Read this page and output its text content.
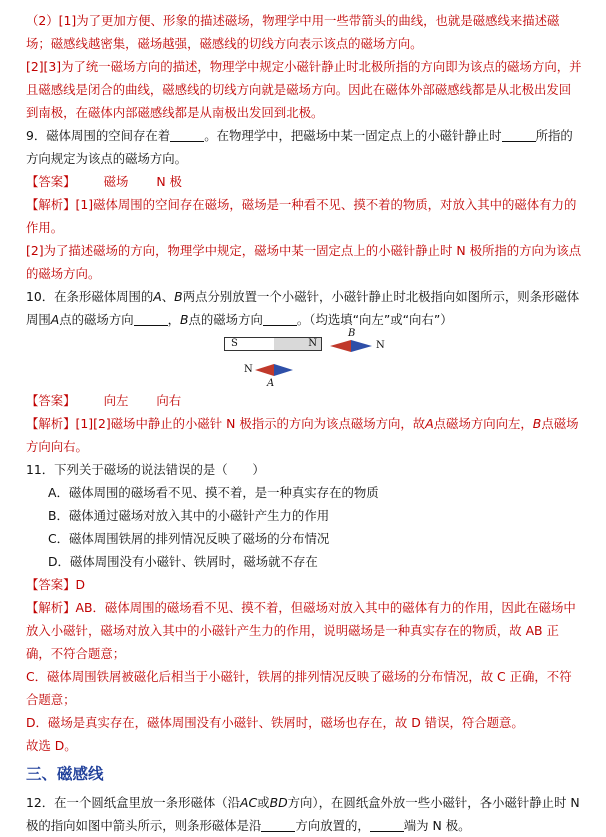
（2）[1]为了更加方便、形象的描述磁场，物理学中用一些带箭头的曲线，也就是磁感线来描述磁场；磁感线越密集，磁场越强，磁感线的切线方向表示该点的磁场方向。

[2][3]为了统一磁场方向的描述，物理学中规定小磁针静止时北极所指的方向即为该点的磁场方向，并且磁感线是闭合的曲线，磁感线的切线方向就是磁场方向。因此在磁体外部磁感线都是从北极出发回到南极，在磁体内部磁感线都是从南极出发回到北极。

9．磁体周围的空间存在着	。在物理学中，把磁场中某一固定点上的小磁针静止时	所指的方向规定为该点的磁场方向。

【答案】 磁场 N 极

【解析】[1]磁体周围的空间存在磁场，磁场是一种看不见、摸不着的物质，对放入其中的磁体有力的作用。

[2]为了描述磁场的方向，物理学中规定，磁场中某一固定点上的小磁针静止时 N 极所指的方向为该点的磁场方向。

10．在条形磁体周围的A、B两点分别放置一个小磁针，小磁针静止时北极指向如图所示，则条形磁体周围A点的磁场方向	，B点的磁场方向	。（均选填“向左”或“向右”）

S	N
B
N
N
A

【答案】 向左 向右

【解析】[1][2]磁场中静止的小磁针 N 极指示的方向为该点磁场方向，故A点磁场方向向左，B点磁场方向向右。

11．下列关于磁场的说法错误的是（　　）

A．磁体周围的磁场看不见、摸不着，是一种真实存在的物质

B．磁体通过磁场对放入其中的小磁针产生力的作用

C．磁体周围铁屑的排列情况反映了磁场的分布情况

D．磁体周围没有小磁针、铁屑时，磁场就不存在

【答案】D

【解析】AB．磁体周围的磁场看不见、摸不着，但磁场对放入其中的磁体有力的作用，因此在磁场中放入小磁针，磁场对放入其中的小磁针产生力的作用，说明磁场是一种真实存在的物质，故 AB 正确，不符合题意；

C．磁体周围铁屑被磁化后相当于小磁针，铁屑的排列情况反映了磁场的分布情况，故 C 正确，不符合题意；

D．磁场是真实存在，磁体周围没有小磁针、铁屑时，磁场也存在，故 D 错误，符合题意。

故选 D。

三、磁感线

12．在一个圆纸盒里放一条形磁体（沿AC或BD方向），在圆纸盒外放一些小磁针，各小磁针静止时 N 极的指向如图中箭头所示，则条形磁体是沿	方向放置的，	端为 N 极。
